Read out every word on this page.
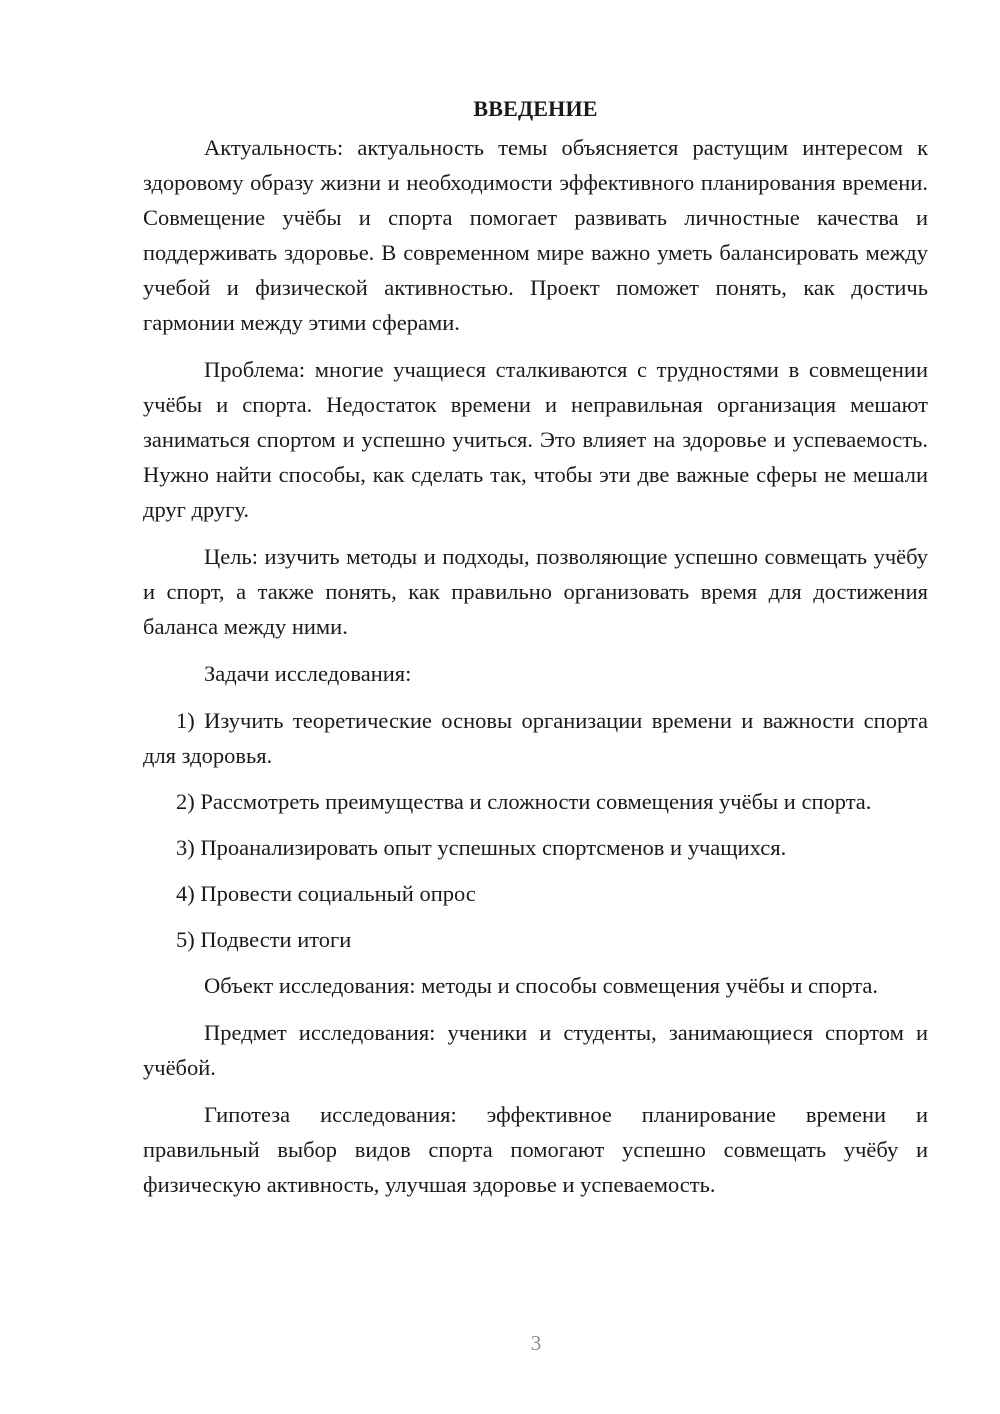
ВВЕДЕНИЕ

Актуальность: актуальность темы объясняется растущим интересом к здоровому образу жизни и необходимости эффективного планирования времени. Совмещение учёбы и спорта помогает развивать личностные качества и поддерживать здоровье. В современном мире важно уметь балансировать между учебой и физической активностью. Проект поможет понять, как достичь гармонии между этими сферами.

Проблема: многие учащиеся сталкиваются с трудностями в совмещении учёбы и спорта. Недостаток времени и неправильная организация мешают заниматься спортом и успешно учиться. Это влияет на здоровье и успеваемость. Нужно найти способы, как сделать так, чтобы эти две важные сферы не мешали друг другу.

Цель: изучить методы и подходы, позволяющие успешно совмещать учёбу и спорт, а также понять, как правильно организовать время для достижения баланса между ними.

Задачи исследования:

1) Изучить теоретические основы организации времени и важности спорта для здоровья.

2) Рассмотреть преимущества и сложности совмещения учёбы и спорта.

3) Проанализировать опыт успешных спортсменов и учащихся.

4) Провести социальный опрос

5) Подвести итоги

Объект исследования: методы и способы совмещения учёбы и спорта.

Предмет исследования: ученики и студенты, занимающиеся спортом и учёбой.

Гипотеза исследования: эффективное планирование времени и правильный выбор видов спорта помогают успешно совмещать учёбу и физическую активность, улучшая здоровье и успеваемость.

3
